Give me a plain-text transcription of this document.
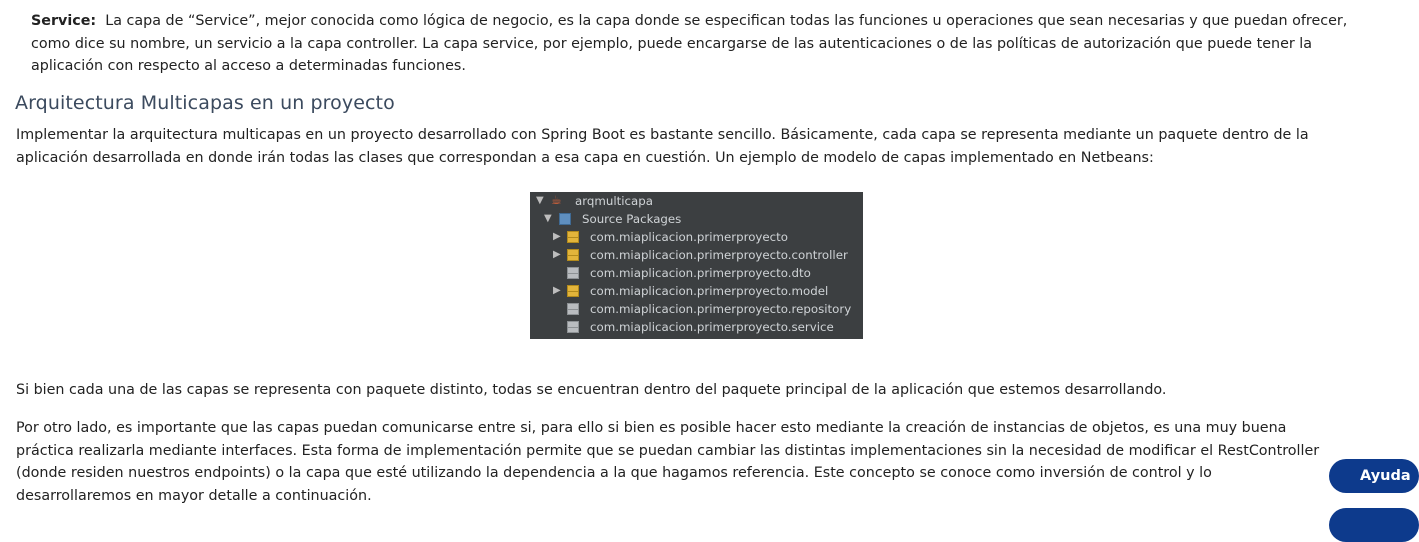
Service: La capa de “Service”, mejor conocida como lógica de negocio, es la capa donde se especifican todas las funciones u operaciones que sean necesarias y que puedan ofrecer, como dice su nombre, un servicio a la capa controller. La capa service, por ejemplo, puede encargarse de las autenticaciones o de las políticas de autorización que puede tener la aplicación con respecto al acceso a determinadas funciones.

Arquitectura Multicapas en un proyecto

Implementar la arquitectura multicapas en un proyecto desarrollado con Spring Boot es bastante sencillo. Básicamente, cada capa se representa mediante un paquete dentro de la aplicación desarrollada en donde irán todas las clases que correspondan a esa capa en cuestión. Un ejemplo de modelo de capas implementado en Netbeans:

▼ ☕ arqmulticapa
▼	Source Packages
▶ com.miaplicacion.primerproyecto
▶ com.miaplicacion.primerproyecto.controller
com.miaplicacion.primerproyecto.dto
▶ com.miaplicacion.primerproyecto.model
com.miaplicacion.primerproyecto.repository
com.miaplicacion.primerproyecto.service

Si bien cada una de las capas se representa con paquete distinto, todas se encuentran dentro del paquete principal de la aplicación que estemos desarrollando.

Por otro lado, es importante que las capas puedan comunicarse entre si, para ello si bien es posible hacer esto mediante la creación de instancias de objetos, es una muy buena práctica realizarla mediante interfaces. Esta forma de implementación permite que se puedan cambiar las distintas implementaciones sin la necesidad de modificar el RestController (donde residen nuestros endpoints) o la capa que esté utilizando la dependencia a la que hagamos referencia. Este concepto se conoce como inversión de control y lo desarrollaremos en mayor detalle a continuación.

Ayuda
